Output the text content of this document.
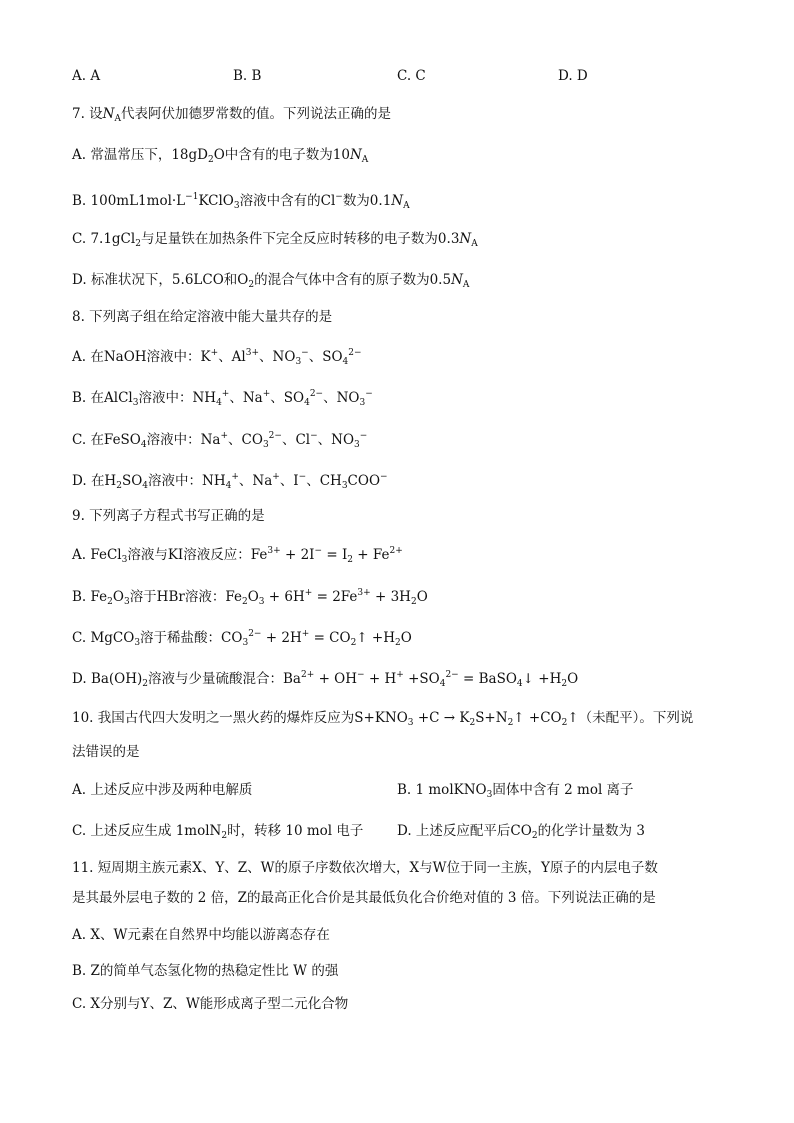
A. A	B. B	C. C	D. D
7. 设$N_A$代表阿伏加德罗常数的值。下列说法正确的是
A. 常温常压下，$18gD_2O$中含有的电子数为$10N_A$
B. $100mL1mol\cdot L^{-1}KClO_3$溶液中含有的Cl−数为$0.1N_A$
C. 7.1gCl$_2$与足量铁在加热条件下完全反应时转移的电子数为$0.3N_A$
D. 标准状况下，5.6LCO和$O_2$的混合气体中含有的原子数为$0.5N_A$
8. 下列离子组在给定溶液中能大量共存的是
A. 在NaOH溶液中：K+、$Al^{3+}$、$NO_3^-$、$SO_4^{2-}$
B. 在AlCl$_3$溶液中：$NH_4^+$、Na+、$SO_4^{2-}$、$NO_3^-$
C. 在FeSO$_4$溶液中：Na+、$CO_3^{2-}$、Cl−、$NO_3^-$
D. 在$H_2SO_4$溶液中：$NH_4^+$、Na+、I−、$CH_3COO^-$
9. 下列离子方程式书写正确的是
A. FeCl$_3$溶液与KI溶液反应：$Fe^{3+} + 2I^- = I_2 + Fe^{2+}$
B. $Fe_2O_3$溶于HBr溶液：$Fe_2O_3 + 6H^+ = 2Fe^{3+} + 3H_2O$
C. MgCO$_3$溶于稀盐酸：$CO_3^{2-} + 2H^+$ = $CO_2↑ +H_2O$
D. $Ba(OH)_2$溶液与少量硫酸混合：$Ba^{2+} + OH^- + H^+ +SO_4^{2-}$ = BaSO$_4$↓ $+H_2O$
10. 我国古代四大发明之一黑火药的爆炸反应为$S+KNO_3 +C$ → $K_2S+N_2↑$ $+CO_2↑$（未配平）。下列说
法错误的是
A. 上述反应中涉及两种电解质	B. 1 molKNO$_3$固体中含有 2 mol 离子
C. 上述反应生成 1molN$_2$时，转移 10 mol 电子 D. 上述反应配平后$CO_2$的化学计量数为 3
11. 短周期主族元素X、Y、Z、W的原子序数依次增大，X与W位于同一主族，Y原子的内层电子数
是其最外层电子数的 2 倍，Z的最高正化合价是其最低负化合价绝对值的 3 倍。下列说法正确的是
A. X、W元素在自然界中均能以游离态存在
B. Z的简单气态氢化物的热稳定性比 W 的强
C. X分别与Y、Z、W能形成离子型二元化合物
